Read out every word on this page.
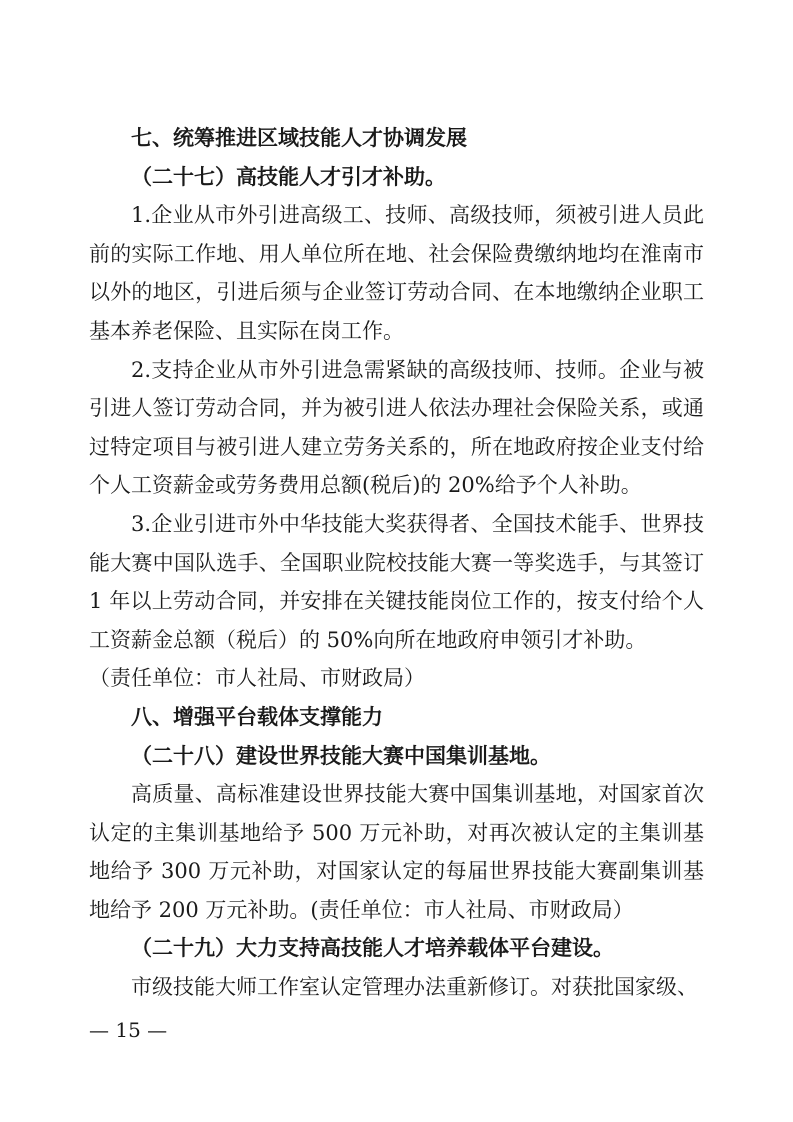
七、统筹推进区域技能人才协调发展

（二十七）高技能人才引才补助。

1.企业从市外引进高级工、技师、高级技师，须被引进人员此前的实际工作地、用人单位所在地、社会保险费缴纳地均在淮南市以外的地区，引进后须与企业签订劳动合同、在本地缴纳企业职工基本养老保险、且实际在岗工作。

2.支持企业从市外引进急需紧缺的高级技师、技师。企业与被引进人签订劳动合同，并为被引进人依法办理社会保险关系，或通过特定项目与被引进人建立劳务关系的，所在地政府按企业支付给个人工资薪金或劳务费用总额(税后)的 20%给予个人补助。

3.企业引进市外中华技能大奖获得者、全国技术能手、世界技能大赛中国队选手、全国职业院校技能大赛一等奖选手，与其签订 1 年以上劳动合同，并安排在关键技能岗位工作的，按支付给个人工资薪金总额（税后）的 50%向所在地政府申领引才补助。

（责任单位：市人社局、市财政局）

八、增强平台载体支撑能力

（二十八）建设世界技能大赛中国集训基地。

高质量、高标准建设世界技能大赛中国集训基地，对国家首次认定的主集训基地给予 500 万元补助，对再次被认定的主集训基地给予 300 万元补助，对国家认定的每届世界技能大赛副集训基地给予 200 万元补助。(责任单位：市人社局、市财政局）

（二十九）大力支持高技能人才培养载体平台建设。

市级技能大师工作室认定管理办法重新修订。对获批国家级、

— 15 —
